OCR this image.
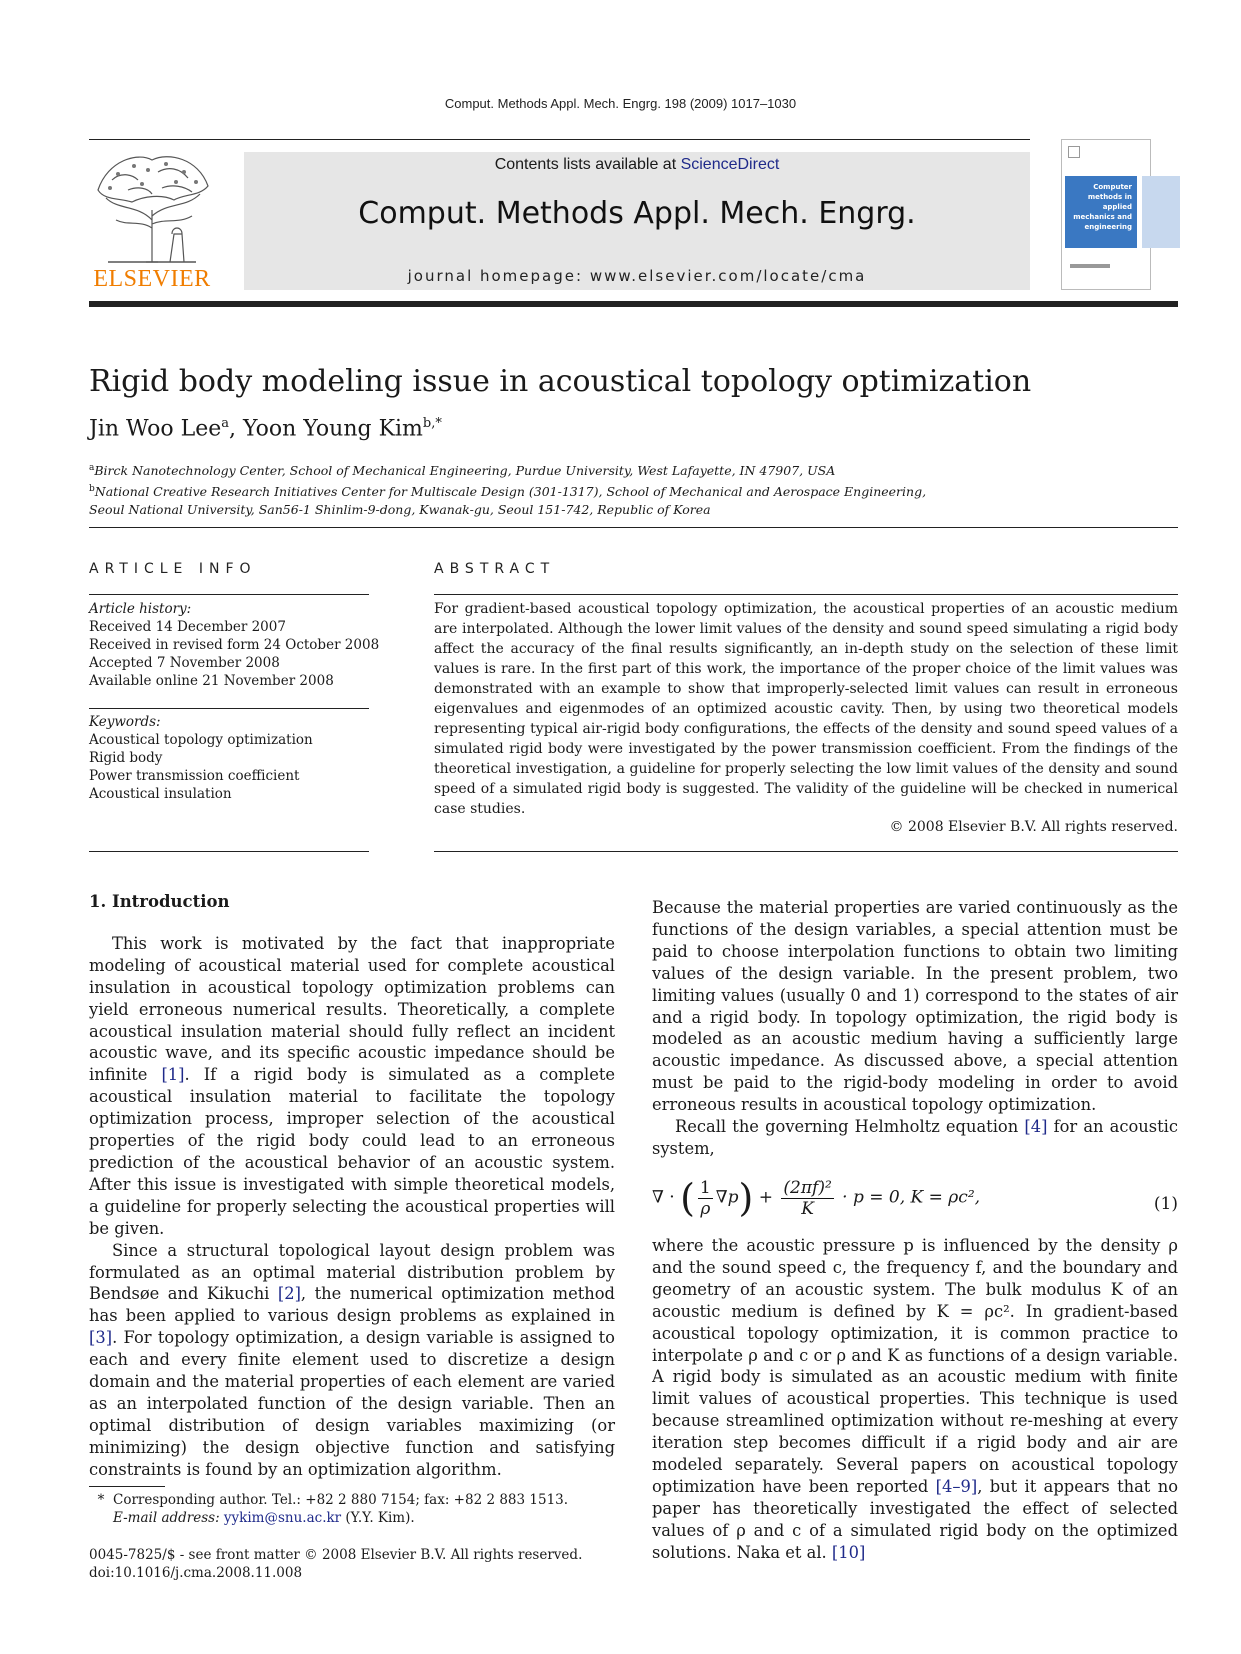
Comput. Methods Appl. Mech. Engrg. 198 (2009) 1017–1030
ELSEVIER
Contents lists available at ScienceDirect
Comput. Methods Appl. Mech. Engrg.
journal homepage: www.elsevier.com/locate/cma
Computer methods in applied mechanics and engineering
Rigid body modeling issue in acoustical topology optimization
Jin Woo Lee$^a$, Yoon Young Kim$^{b,*}$
$^a$Birck Nanotechnology Center, School of Mechanical Engineering, Purdue University, West Lafayette, IN 47907, USA
$^b$National Creative Research Initiatives Center for Multiscale Design (301-1317), School of Mechanical and Aerospace Engineering,
Seoul National University, San56-1 Shinlim-9-dong, Kwanak-gu, Seoul 151-742, Republic of Korea
ARTICLE INFO
Article history:
Received 14 December 2007
Received in revised form 24 October 2008
Accepted 7 November 2008
Available online 21 November 2008
Keywords:
Acoustical topology optimization
Rigid body
Power transmission coefficient
Acoustical insulation
ABSTRACT
For gradient-based acoustical topology optimization, the acoustical properties of an acoustic medium are interpolated. Although the lower limit values of the density and sound speed simulating a rigid body affect the accuracy of the final results significantly, an in-depth study on the selection of these limit values is rare. In the first part of this work, the importance of the proper choice of the limit values was demonstrated with an example to show that improperly-selected limit values can result in erroneous eigenvalues and eigenmodes of an optimized acoustic cavity. Then, by using two theoretical models representing typical air-rigid body configurations, the effects of the density and sound speed values of a simulated rigid body were investigated by the power transmission coefficient. From the findings of the theoretical investigation, a guideline for properly selecting the low limit values of the density and sound speed of a simulated rigid body is suggested. The validity of the guideline will be checked in numerical case studies.
© 2008 Elsevier B.V. All rights reserved.

1. Introduction

This work is motivated by the fact that inappropriate modeling of acoustical material used for complete acoustical insulation in acoustical topology optimization problems can yield erroneous numerical results. Theoretically, a complete acoustical insulation material should fully reflect an incident acoustic wave, and its specific acoustic impedance should be infinite [1]. If a rigid body is simulated as a complete acoustical insulation material to facilitate the topology optimization process, improper selection of the acoustical properties of the rigid body could lead to an erroneous prediction of the acoustical behavior of an acoustic system. After this issue is investigated with simple theoretical models, a guideline for properly selecting the acoustical properties will be given.

Since a structural topological layout design problem was formulated as an optimal material distribution problem by Bendsøe and Kikuchi [2], the numerical optimization method has been applied to various design problems as explained in [3]. For topology optimization, a design variable is assigned to each and every finite element used to discretize a design domain and the material properties of each element are varied as an interpolated function of the design variable. Then an optimal distribution of design variables maximizing (or minimizing) the design objective function and satisfying constraints is found by an optimization algorithm.

Because the material properties are varied continuously as the functions of the design variables, a special attention must be paid to choose interpolation functions to obtain two limiting values of the design variable. In the present problem, two limiting values (usually 0 and 1) correspond to the states of air and a rigid body. In topology optimization, the rigid body is modeled as an acoustic medium having a sufficiently large acoustic impedance. As discussed above, a special attention must be paid to the rigid-body modeling in order to avoid erroneous results in acoustical topology optimization.

Recall the governing Helmholtz equation [4] for an acoustic system,

∇ · ( $\frac{1}{\rho} \nabla p) + \frac{\text{(2πf)²}}{K} \cdot p = 0$, K = ρc²,	(1)

where the acoustic pressure p is influenced by the density ρ and the sound speed c, the frequency f, and the boundary and geometry of an acoustic system. The bulk modulus K of an acoustic medium is defined by K = ρc². In gradient-based acoustical topology optimization, it is common practice to interpolate ρ and c or ρ and K as functions of a design variable. A rigid body is simulated as an acoustic medium with finite limit values of acoustical properties. This technique is used because streamlined optimization without re-meshing at every iteration step becomes difficult if a rigid body and air are modeled separately. Several papers on acoustical topology optimization have been reported [4–9], but it appears that no paper has theoretically investigated the effect of selected values of ρ and c of a simulated rigid body on the optimized solutions. Naka et al. [10]

* Corresponding author. Tel.: +82 2 880 7154; fax: +82 2 883 1513.
E-mail address: yykim@snu.ac.kr (Y.Y. Kim).
0045-7825/$ - see front matter © 2008 Elsevier B.V. All rights reserved.
doi:10.1016/j.cma.2008.11.008
